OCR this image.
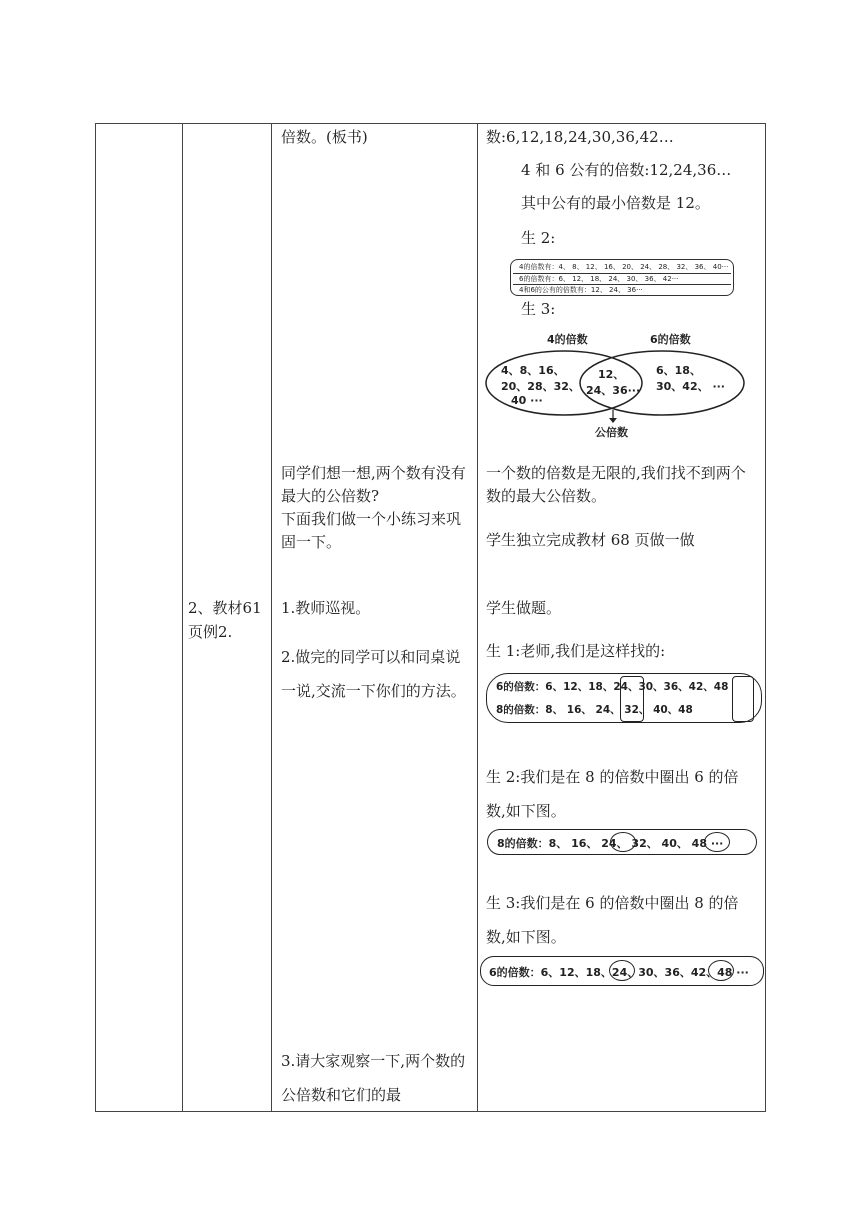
2、教材61页例2.
倍数。(板书)
同学们想一想,两个数有没有最大的公倍数?
下面我们做一个小练习来巩固一下。
1.教师巡视。
2.做完的同学可以和同桌说一说,交流一下你们的方法。
3.请大家观察一下,两个数的公倍数和它们的最
数:6,12,18,24,30,36,42…
4 和 6 公有的倍数:12,24,36…
其中公有的最小倍数是 12。
生 2:
4的倍数有：4、 8、 12、 16、 20、 24、 28、 32、 36、 40···
6的倍数有：6、 12、 18、 24、 30、 36、 42···
4和6的公有的倍数有：12、 24、 36···
生 3:
4的倍数	6的倍数
4、8、16、
20、28、32、
40 ···
12、
24、36···
6、18、
30、42、 ···
公倍数
一个数的倍数是无限的,我们找不到两个数的最大公倍数。
学生独立完成教材 68 页做一做
学生做题。
生 1:老师,我们是这样找的:
6的倍数：6、12、18、24、30、36、42、48
8的倍数：8、 16、 24、 32、 40、48
生 2:我们是在 8 的倍数中圈出 6 的倍数,如下图。
8的倍数：8、 16、 24、 32、 40、 48 ···
生 3:我们是在 6 的倍数中圈出 8 的倍数,如下图。
6的倍数：6、12、18、24、30、36、42、48 ···
